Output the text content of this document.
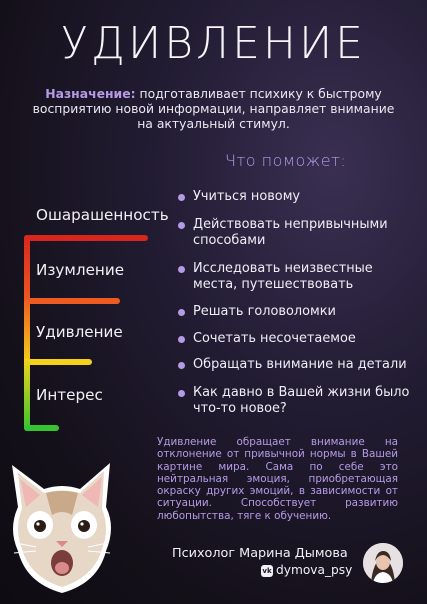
УДИВЛЕНИЕ
Назначение: подготавливает психику к быстрому
восприятию новой информации, направляет внимание
на актуальный стимул.
Что поможет:
Ошарашенность
Изумление
Удивление
Интерес
Учиться новому
Действовать непривычными
способами
Исследовать неизвестные
места, путешествовать
Решать головоломки
Сочетать несочетаемое
Обращать внимание на детали
Как давно в Вашей жизни было
что-то новое?
Удивление обращает внимание на отклонение от привычной нормы в Вашей картине мира. Сама по себе это нейтральная эмоция, приобретающая окраску других эмоций, в зависимости от ситуации. Способствует развитию любопытства, тяге к обучению.
Психолог Марина Дымова
vk dymova_psy
